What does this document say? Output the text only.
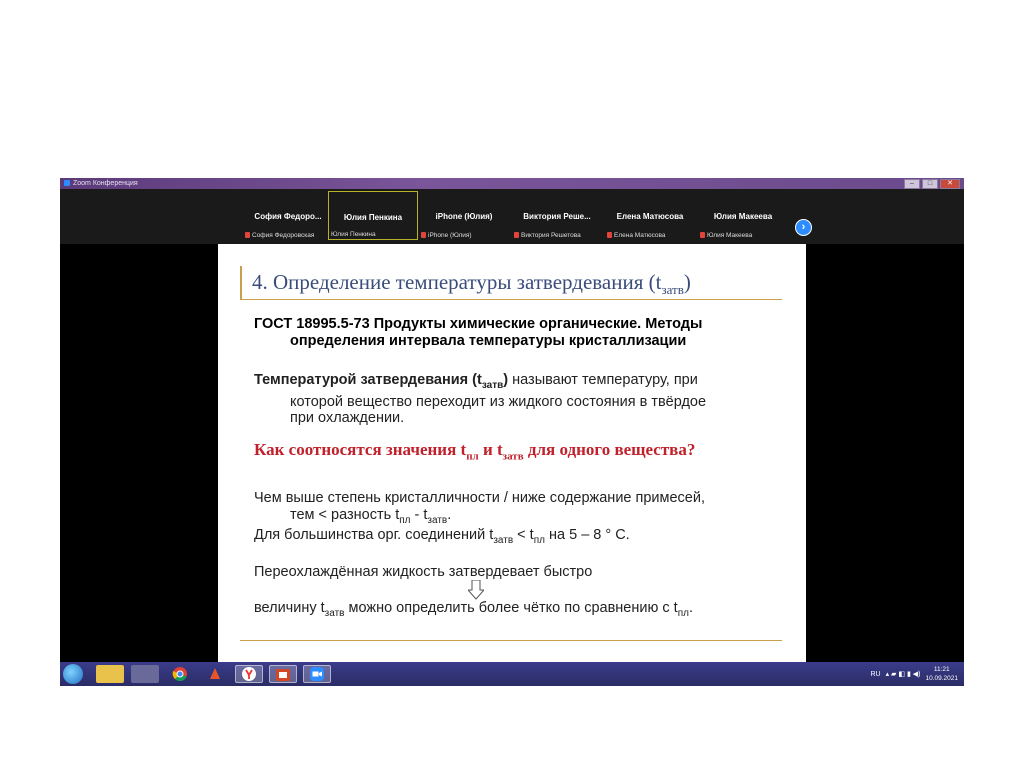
Zoom Конференция	–	□	✕
София Федоро...
София Федоровская
Юлия Пенкина
Юлия Пенкина
iPhone (Юлия)
iPhone (Юлия)
Виктория Реше...
Виктория Решетова
Елена Матюсова
Елена Матюсова
Юлия Макеева
Юлия Макеева
›
4. Определение температуры затвердевания $(t_{затв})$
ГОСТ 18995.5-73 Продукты химические органические. Методы
определения интервала температуры кристаллизации
Температурой затвердевания $(t_{затв})$ называют температуру, при
которой вещество переходит из жидкого состояния в твёрдое
при охлаждении.
Как соотносятся значения $t_{пл}$ и $t_{затв}$ для одного вещества?
Чем выше степень кристалличности / ниже содержание примесей,
тем < разность $t_{пл} - t_{затв}$.
Для большинства орг. соединений $t_{затв} < t_{пл}$ на 5 – 8 ° С.
Переохлаждённая жидкость затвердевает быстро
величину $t_{затв}$ можно определить более чётко по сравнению с $t_{пл}$.
RU ▴ ▰ ◧ ▮ ◀)
11:21
10.09.2021
